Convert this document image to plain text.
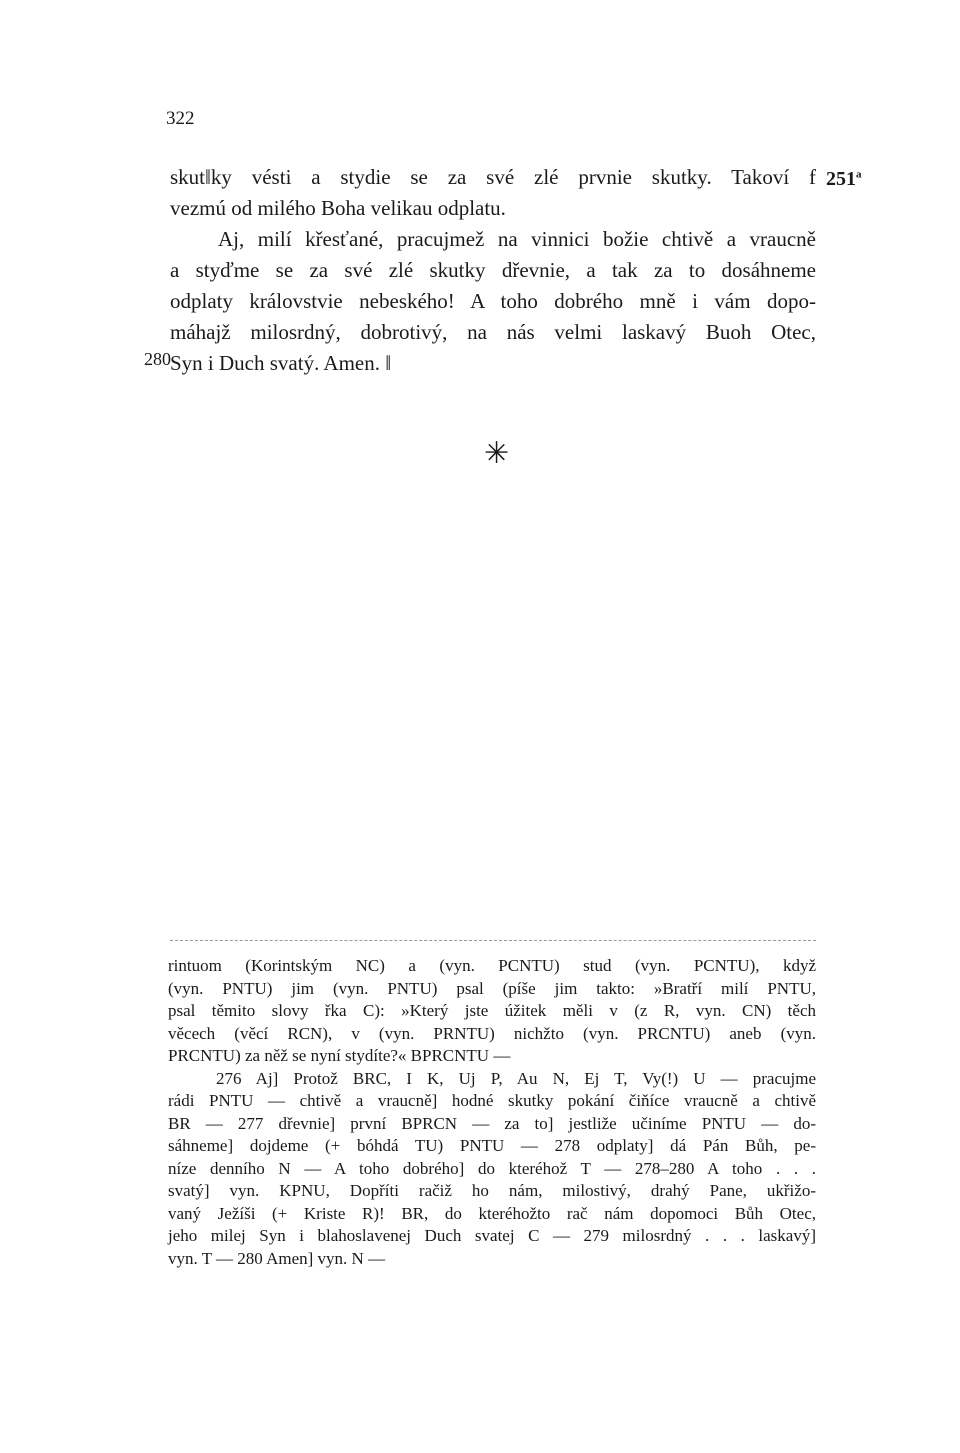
322
251$^a$
280
skut‖ky vésti a stydie se za své zlé prvnie skutky. Takoví f
vezmú od milého Boha velikau odplatu.
Aj, milí křesťané, pracujmež na vinnici božie chtivě a vraucně
a styďme se za své zlé skutky dřevnie, a tak za to dosáhneme
odplaty královstvie nebeského! A toho dobrého mně i vám dopo-
máhajž milosrdný, dobrotivý, na nás velmi laskavý Buoh Otec,
Syn i Duch svatý. Amen. ‖
✳
rintuom (Korintským NC) a (vyn. PCNTU) stud (vyn. PCNTU), když
(vyn. PNTU) jim (vyn. PNTU) psal (píše jim takto: »Bratří milí PNTU,
psal těmito slovy řka C): »Který jste úžitek měli v (z R, vyn. CN) těch
věcech (věcí RCN), v (vyn. PRNTU) nichžto (vyn. PRCNTU) aneb (vyn.
PRCNTU) za něž se nyní stydíte?« BPRCNTU —
276 Aj] Protož BRC, I K, Uj P, Au N, Ej T, Vy(!) U — pracujme
rádi PNTU — chtivě a vraucně] hodné skutky pokání čiňíce vraucně a chtivě
BR — 277 dřevnie] první BPRCN — za to] jestliže učiníme PNTU — do-
sáhneme] dojdeme (+ bóhdá TU) PNTU — 278 odplaty] dá Pán Bůh, pe-
níze denního N — A toho dobrého] do kteréhož T — 278–280 A toho . . .
svatý] vyn. KPNU, Dopříti račiž ho nám, milostivý, drahý Pane, ukřižo-
vaný Ježíši (+ Kriste R)! BR, do kteréhožto rač nám dopomoci Bůh Otec,
jeho milej Syn i blahoslavenej Duch svatej C — 279 milosrdný . . . laskavý]
vyn. T — 280 Amen] vyn. N —
